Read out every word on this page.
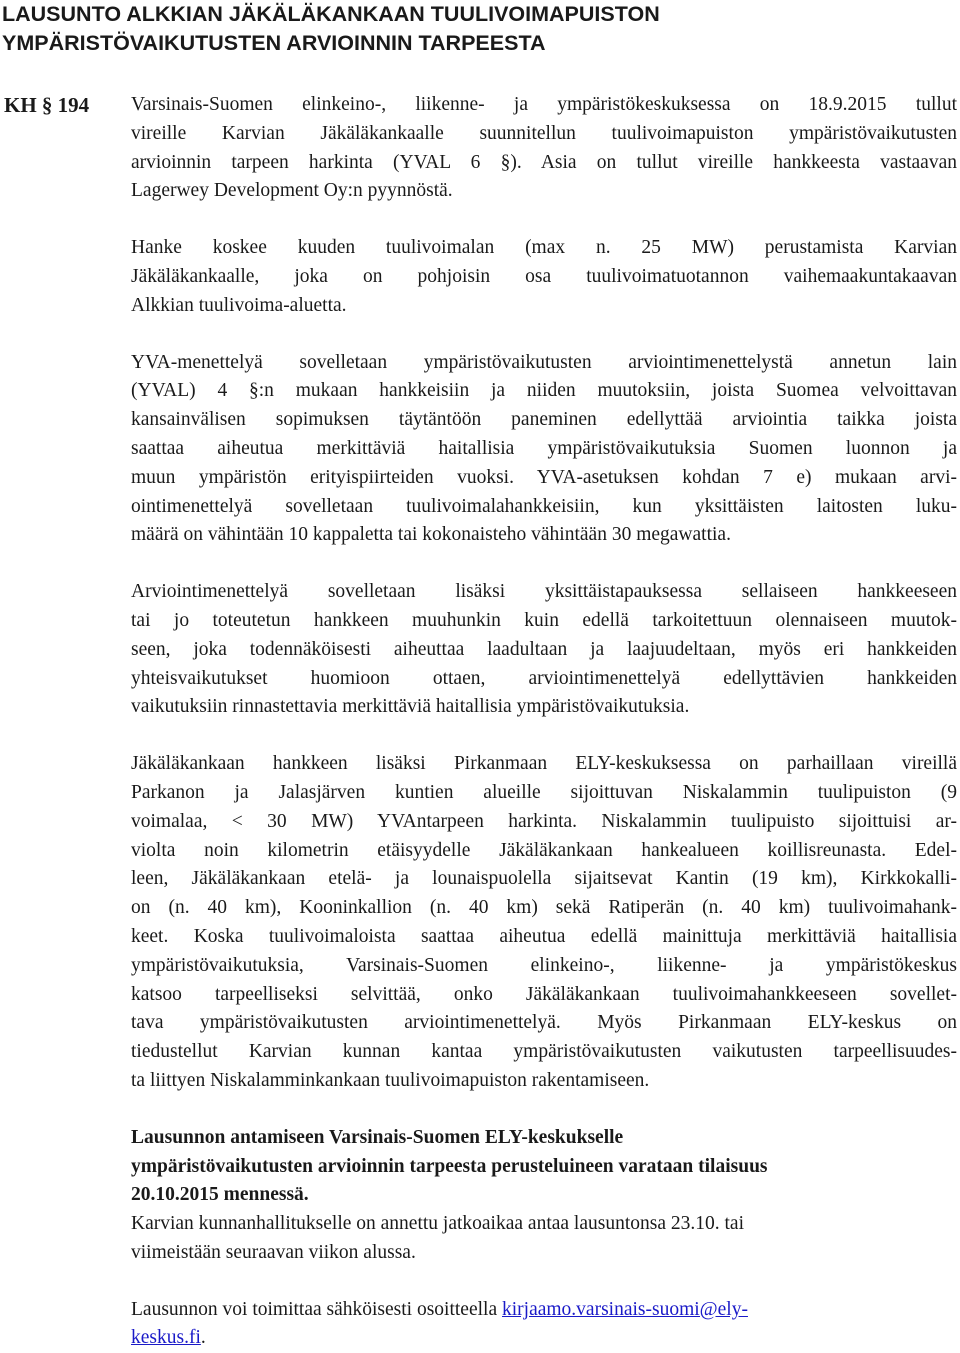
LAUSUNTO ALKKIAN JÄKÄLÄKANKAAN TUULIVOIMAPUISTON
YMPÄRISTÖVAIKUTUSTEN ARVIOINNIN TARPEESTA
KH § 194 Varsinais-Suomen elinkeino-, liikenne- ja ympäristökeskuksessa on 18.9.2015 tullut
vireille Karvian Jäkäläkankaalle suunnitellun tuulivoimapuiston ympäristövaikutusten
arvioinnin tarpeen harkinta (YVAL 6 §). Asia on tullut vireille hankkeesta vastaavan
Lagerwey Development Oy:n pyynnöstä.
Hanke koskee kuuden tuulivoimalan (max n. 25 MW) perustamista Karvian
Jäkäläkankaalle, joka on pohjoisin osa tuulivoimatuotannon vaihemaakuntakaavan
Alkkian tuulivoima-aluetta.
YVA-menettelyä sovelletaan ympäristövaikutusten arviointimenettelystä annetun lain
(YVAL) 4 §:n mukaan hankkeisiin ja niiden muutoksiin, joista Suomea velvoittavan
kansainvälisen sopimuksen täytäntöön paneminen edellyttää arviointia taikka joista
saattaa aiheutua merkittäviä haitallisia ympäristövaikutuksia Suomen luonnon ja
muun ympäristön erityispiirteiden vuoksi. YVA-asetuksen kohdan 7 e) mukaan arvi-
ointimenettelyä sovelletaan tuulivoimalahankkeisiin, kun yksittäisten laitosten luku-
määrä on vähintään 10 kappaletta tai kokonaisteho vähintään 30 megawattia.
Arviointimenettelyä sovelletaan lisäksi yksittäistapauksessa sellaiseen hankkeeseen
tai jo toteutetun hankkeen muuhunkin kuin edellä tarkoitettuun olennaiseen muutok-
seen, joka todennäköisesti aiheuttaa laadultaan ja laajuudeltaan, myös eri hankkeiden
yhteisvaikutukset huomioon ottaen, arviointimenettelyä edellyttävien hankkeiden
vaikutuksiin rinnastettavia merkittäviä haitallisia ympäristövaikutuksia.
Jäkäläkankaan hankkeen lisäksi Pirkanmaan ELY-keskuksessa on parhaillaan vireillä
Parkanon ja Jalasjärven kuntien alueille sijoittuvan Niskalammin tuulipuiston (9
voimalaa, < 30 MW) YVAntarpeen harkinta. Niskalammin tuulipuisto sijoittuisi ar-
violta noin kilometrin etäisyydelle Jäkäläkankaan hankealueen koillisreunasta. Edel-
leen, Jäkäläkankaan etelä- ja lounaispuolella sijaitsevat Kantin (19 km), Kirkkokalli-
on (n. 40 km), Kooninkallion (n. 40 km) sekä Ratiperän (n. 40 km) tuulivoimahank-
keet. Koska tuulivoimaloista saattaa aiheutua edellä mainittuja merkittäviä haitallisia
ympäristövaikutuksia, Varsinais-Suomen elinkeino-, liikenne- ja ympäristökeskus
katsoo tarpeelliseksi selvittää, onko Jäkäläkankaan tuulivoimahankkeeseen sovellet-
tava ympäristövaikutusten arviointimenettelyä. Myös Pirkanmaan ELY-keskus on
tiedustellut Karvian kunnan kantaa ympäristövaikutusten vaikutusten tarpeellisuudes-
ta liittyen Niskalamminkankaan tuulivoimapuiston rakentamiseen.
Lausunnon antamiseen Varsinais-Suomen ELY-keskukselle
ympäristövaikutusten arvioinnin tarpeesta perusteluineen varataan tilaisuus
20.10.2015 mennessä.
Karvian kunnanhallitukselle on annettu jatkoaikaa antaa lausuntonsa 23.10. tai
viimeistään seuraavan viikon alussa.
Lausunnon voi toimittaa sähköisesti osoitteella kirjaamo.varsinais-suomi@ely-
keskus.fi.
